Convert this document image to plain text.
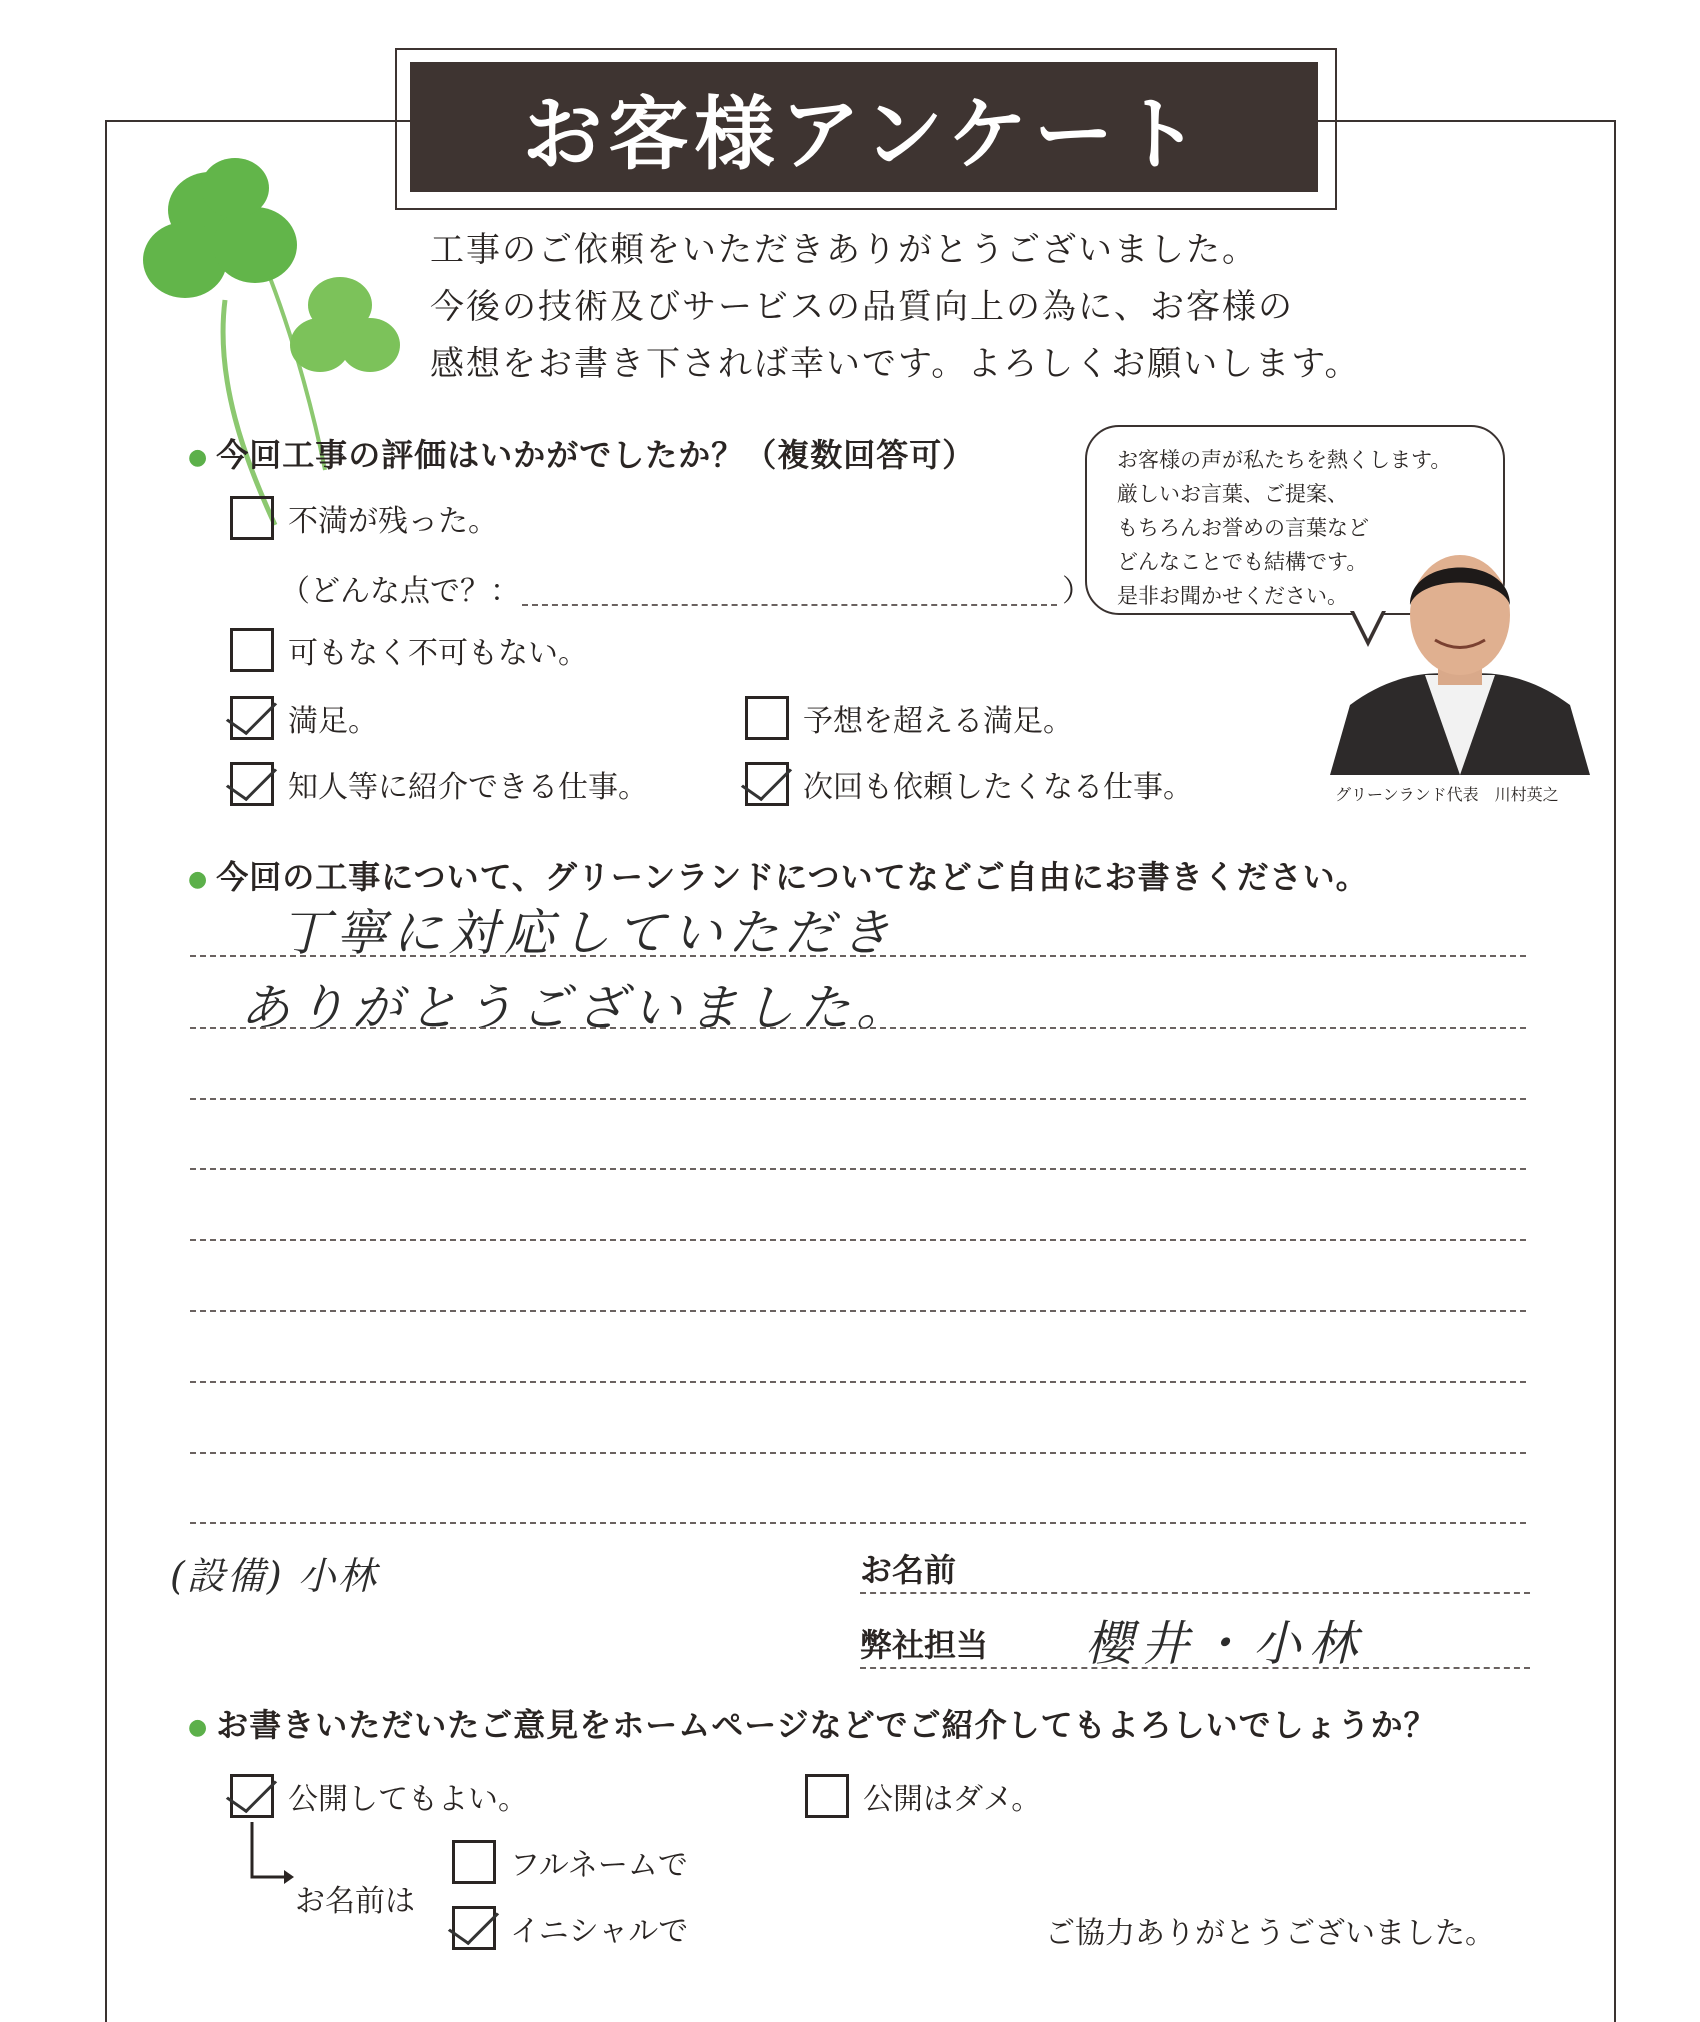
お客様アンケート
工事のご依頼をいただきありがとうございました。
今後の技術及びサービスの品質向上の為に、お客様の
感想をお書き下されば幸いです。よろしくお願いします。
お客様の声が私たちを熱くします。
厳しいお言葉、ご提案、
もちろんお誉めの言葉など
どんなことでも結構です。
是非お聞かせください。
グリーンランド代表　川村英之
● 今回工事の評価はいかがでしたか？（複数回答可）
不満が残った。
（どんな点で？：	）
可もなく不可もない。
満足。	予想を超える満足。
知人等に紹介できる仕事。	次回も依頼したくなる仕事。
● 今回の工事について、グリーンランドについてなどご自由にお書きください。
丁寧に対応していただき
ありがとうございました。
(設備) 小林	お名前
弊社担当 櫻井・小林
● お書きいただいたご意見をホームページなどでご紹介してもよろしいでしょうか？
公開してもよい。	公開はダメ。
お名前は
フルネームで
イニシャルで	ご協力ありがとうございました。
